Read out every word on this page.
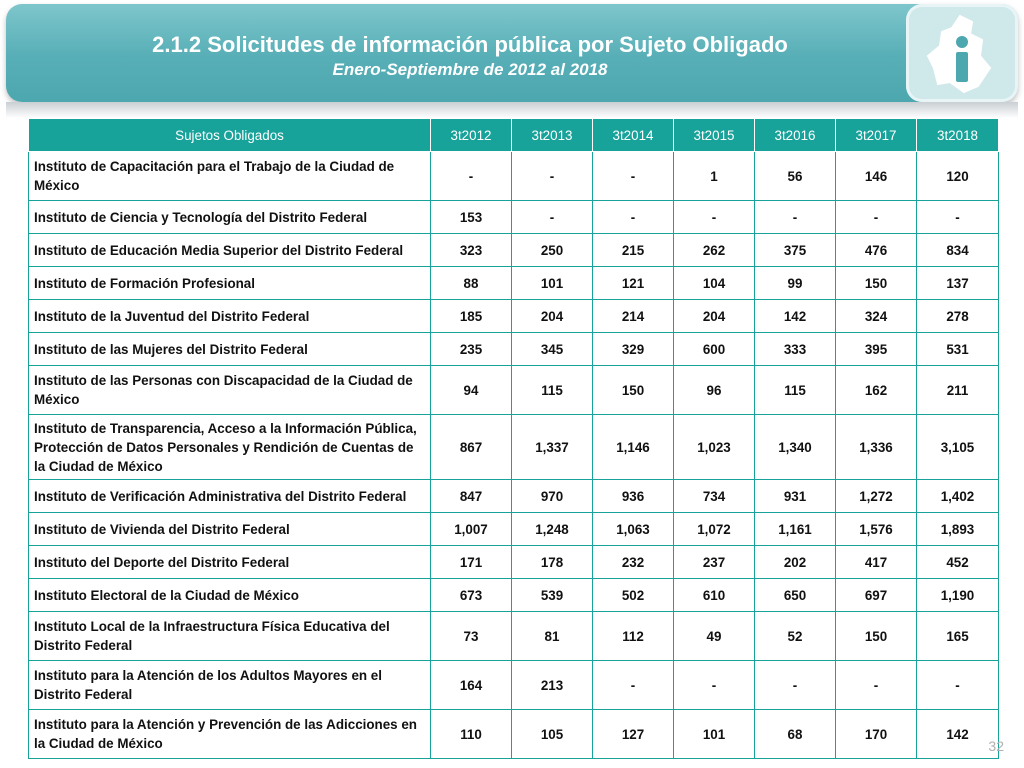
2.1.2 Solicitudes de información pública por Sujeto Obligado
Enero-Septiembre de 2012 al 2018
i
Sujetos Obligados	3t2012	3t2013	3t2014	3t2015	3t2016	3t2017	3t2018
Instituto de Capacitación para el Trabajo de la Ciudad de México	-	-	-	1	56	146	120
Instituto de Ciencia y Tecnología del Distrito Federal	153	-	-	-	-	-	-
Instituto de Educación Media Superior del Distrito Federal	323	250	215	262	375	476	834
Instituto de Formación Profesional	88	101	121	104	99	150	137
Instituto de la Juventud del Distrito Federal	185	204	214	204	142	324	278
Instituto de las Mujeres del Distrito Federal	235	345	329	600	333	395	531
Instituto de las Personas con Discapacidad de la Ciudad de México	94	115	150	96	115	162	211
Instituto de Transparencia, Acceso a la Información Pública, Protección de Datos Personales y Rendición de Cuentas de la Ciudad de México	867	1,337	1,146	1,023	1,340	1,336	3,105
Instituto de Verificación Administrativa del Distrito Federal	847	970	936	734	931	1,272	1,402
Instituto de Vivienda del Distrito Federal	1,007	1,248	1,063	1,072	1,161	1,576	1,893
Instituto del Deporte del Distrito Federal	171	178	232	237	202	417	452
Instituto Electoral de la Ciudad de México	673	539	502	610	650	697	1,190
Instituto Local de la Infraestructura Física Educativa del Distrito Federal	73	81	112	49	52	150	165
Instituto para la Atención de los Adultos Mayores en el Distrito Federal	164	213	-	-	-	-	-
Instituto para la Atención y Prevención de las Adicciones en la Ciudad de México	110	105	127	101	68	170	142
32
